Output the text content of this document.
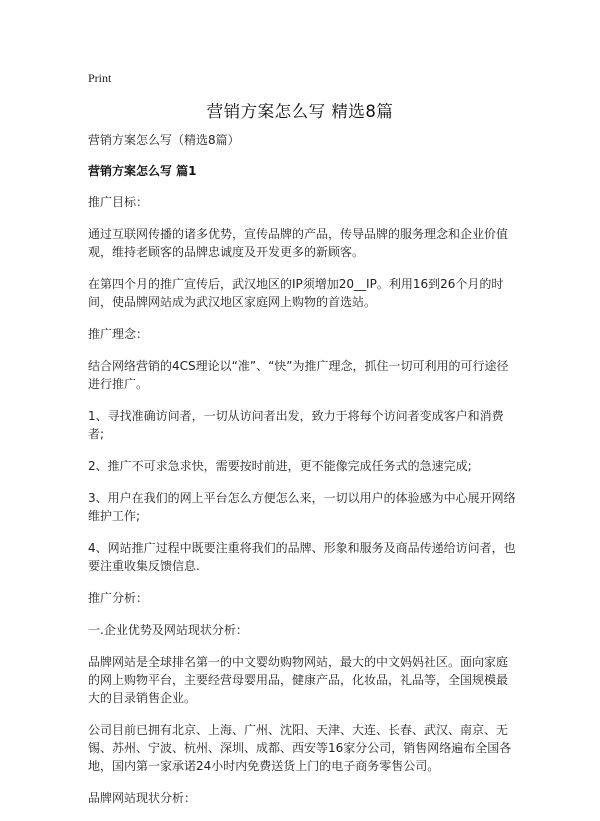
Print
营销方案怎么写 精选8篇

营销方案怎么写（精选8篇）

营销方案怎么写 篇1

推广目标：

通过互联网传播的诸多优势，宣传品牌的产品，传导品牌的服务理念和企业价值观，维持老顾客的品牌忠诚度及开发更多的新顾客。

在第四个月的推广宣传后，武汉地区的IP须增加20__IP。利用16到26个月的时间，使品牌网站成为武汉地区家庭网上购物的首选站。

推广理念：

结合网络营销的4CS理论以“准”、“快”为推广理念，抓住一切可利用的可行途径进行推广。

1、寻找准确访问者，一切从访问者出发，致力于将每个访问者变成客户和消费者;

2、推广不可求急求快，需要按时前进，更不能像完成任务式的急速完成;

3、用户在我们的网上平台怎么方便怎么来，一切以用户的体验感为中心展开网络维护工作;

4、网站推广过程中既要注重将我们的品牌、形象和服务及商品传递给访问者，也要注重收集反馈信息.

推广分析：

一.企业优势及网站现状分析：

品牌网站是全球排名第一的中文婴幼购物网站，最大的中文妈妈社区。面向家庭的网上购物平台，主要经营母婴用品，健康产品，化妆品，礼品等，全国规模最大的目录销售企业。

公司目前已拥有北京、上海、广州、沈阳、天津、大连、长春、武汉、南京、无锡、苏州、宁波、杭州、深圳、成都、西安等16家分公司，销售网络遍布全国各地，国内第一家承诺24小时内免费送货上门的电子商务零售公司。

品牌网站现状分析：
